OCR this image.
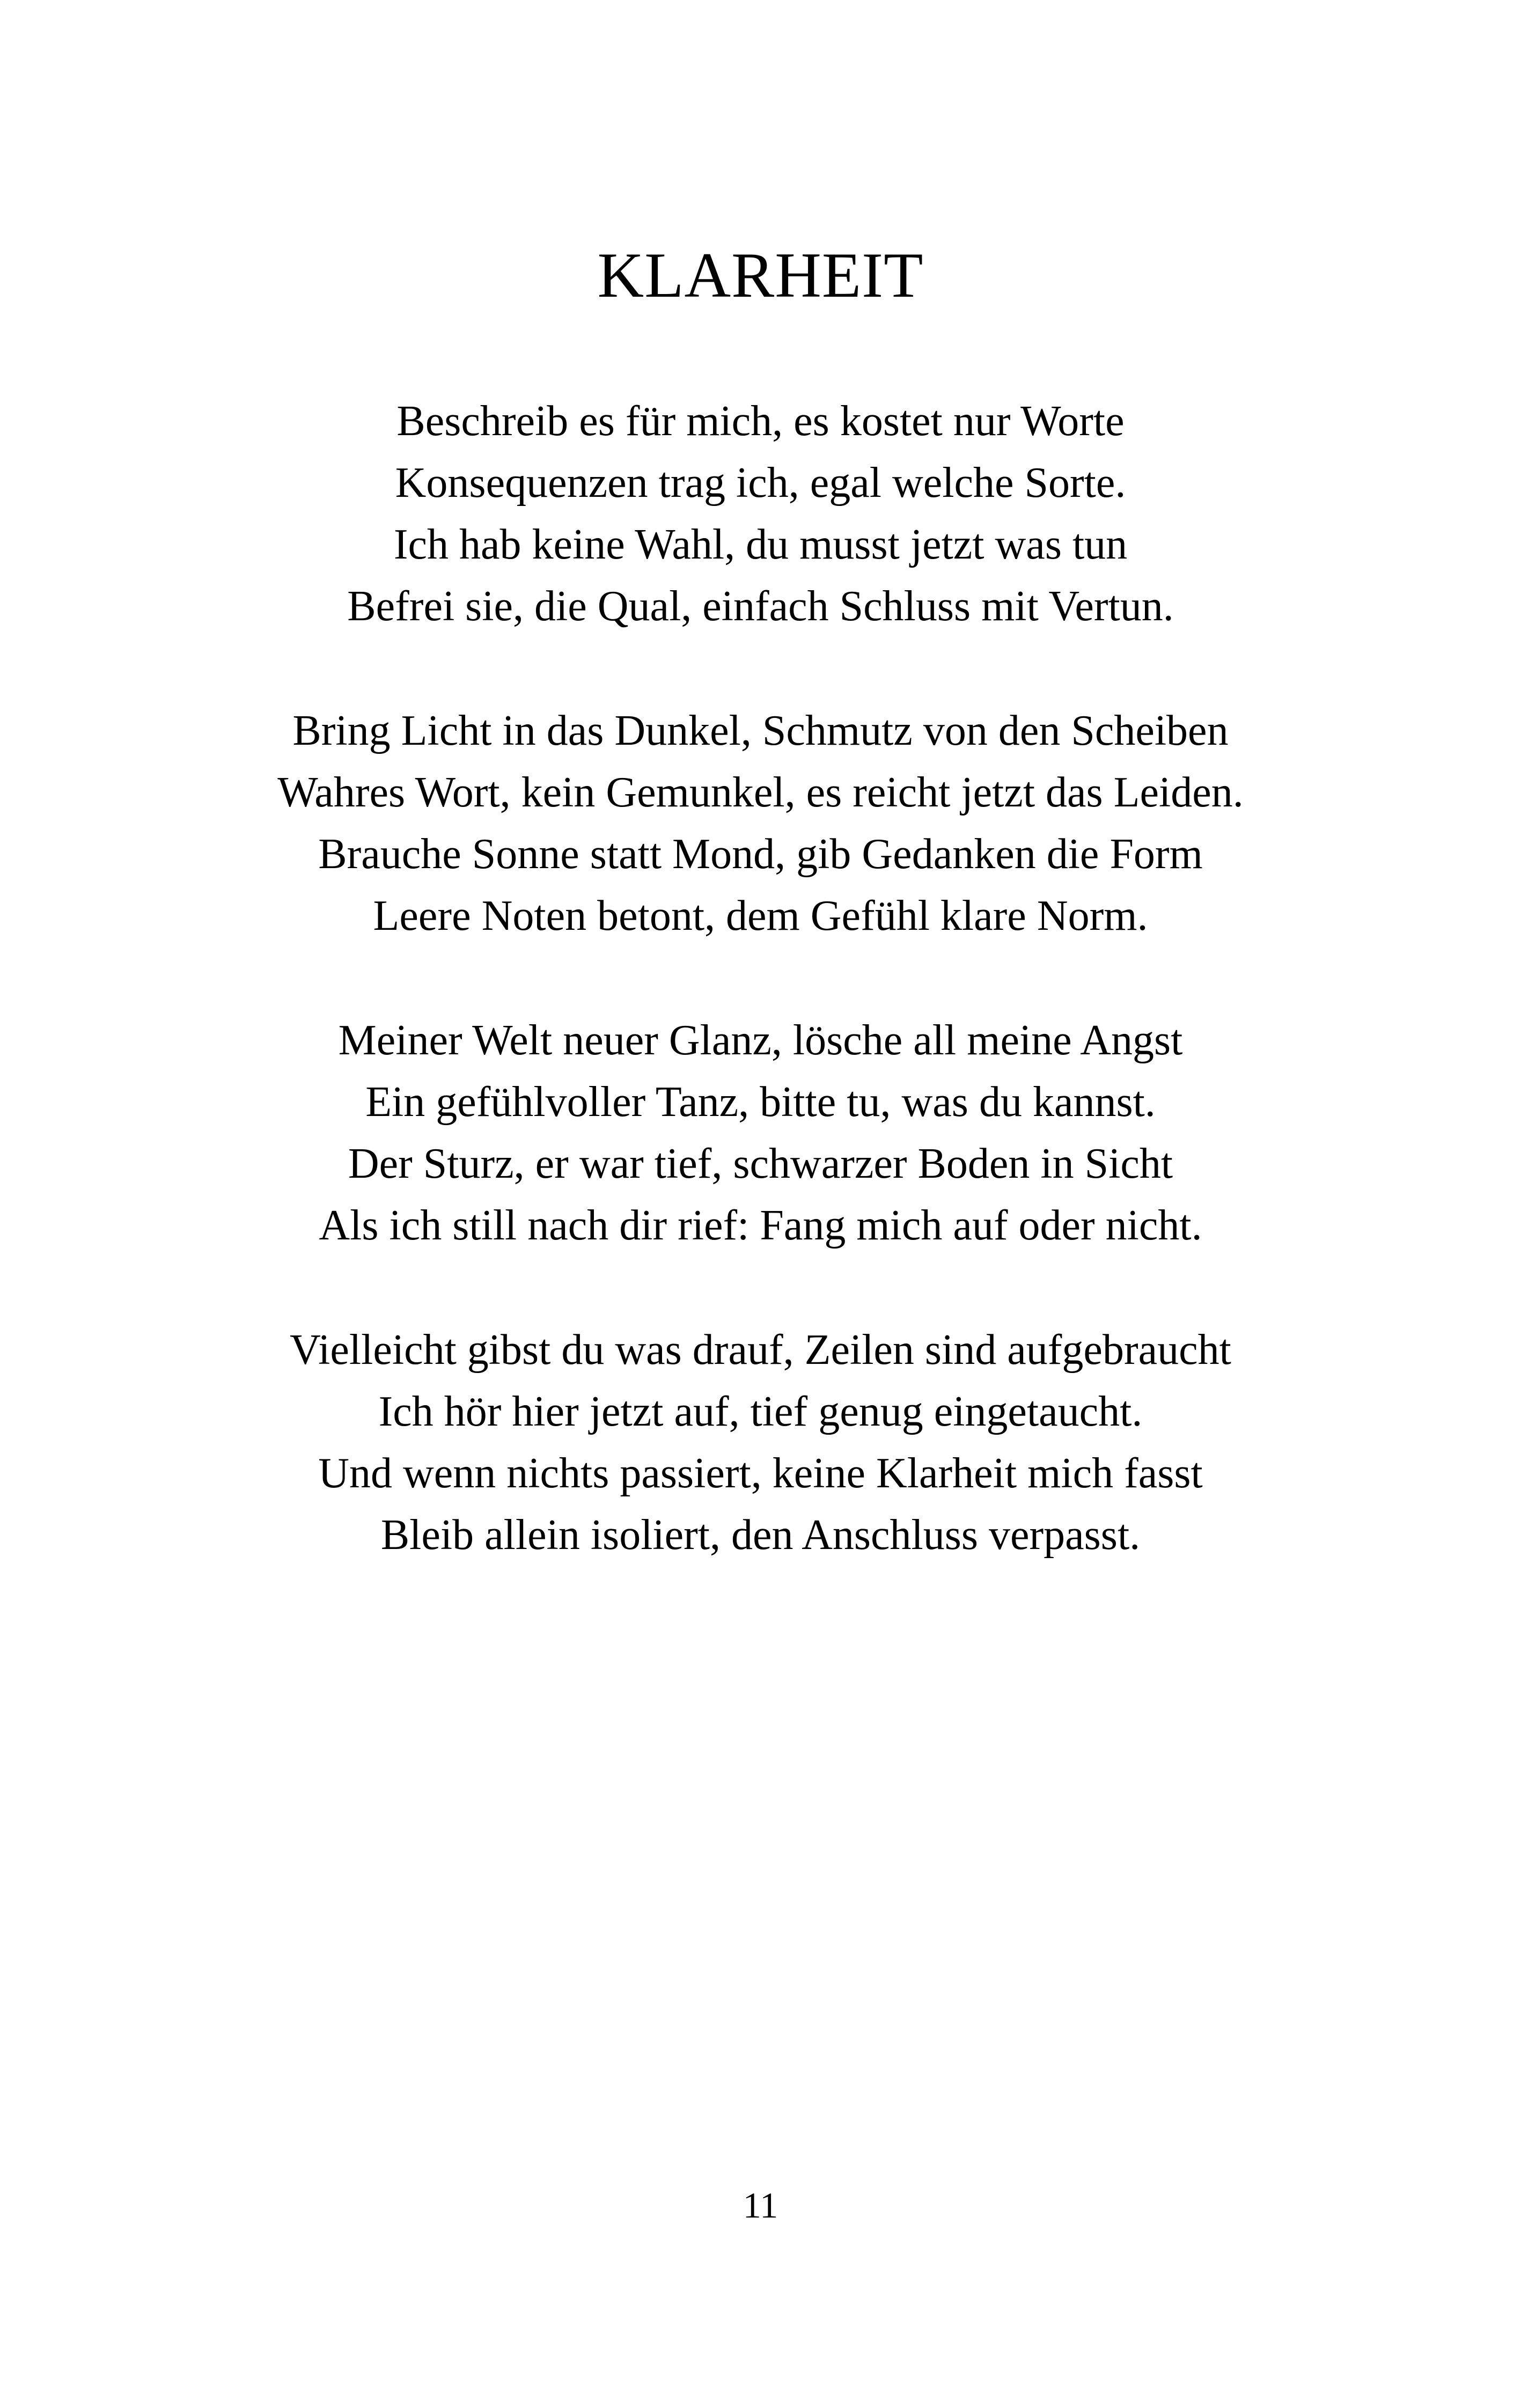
KLARHEIT
Beschreib es für mich, es kostet nur Worte
Konsequenzen trag ich, egal welche Sorte.
Ich hab keine Wahl, du musst jetzt was tun
Befrei sie, die Qual, einfach Schluss mit Vertun.
Bring Licht in das Dunkel, Schmutz von den Scheiben
Wahres Wort, kein Gemunkel, es reicht jetzt das Leiden.
Brauche Sonne statt Mond, gib Gedanken die Form
Leere Noten betont, dem Gefühl klare Norm.
Meiner Welt neuer Glanz, lösche all meine Angst
Ein gefühlvoller Tanz, bitte tu, was du kannst.
Der Sturz, er war tief, schwarzer Boden in Sicht
Als ich still nach dir rief: Fang mich auf oder nicht.
Vielleicht gibst du was drauf, Zeilen sind aufgebraucht
Ich hör hier jetzt auf, tief genug eingetaucht.
Und wenn nichts passiert, keine Klarheit mich fasst
Bleib allein isoliert, den Anschluss verpasst.
11
